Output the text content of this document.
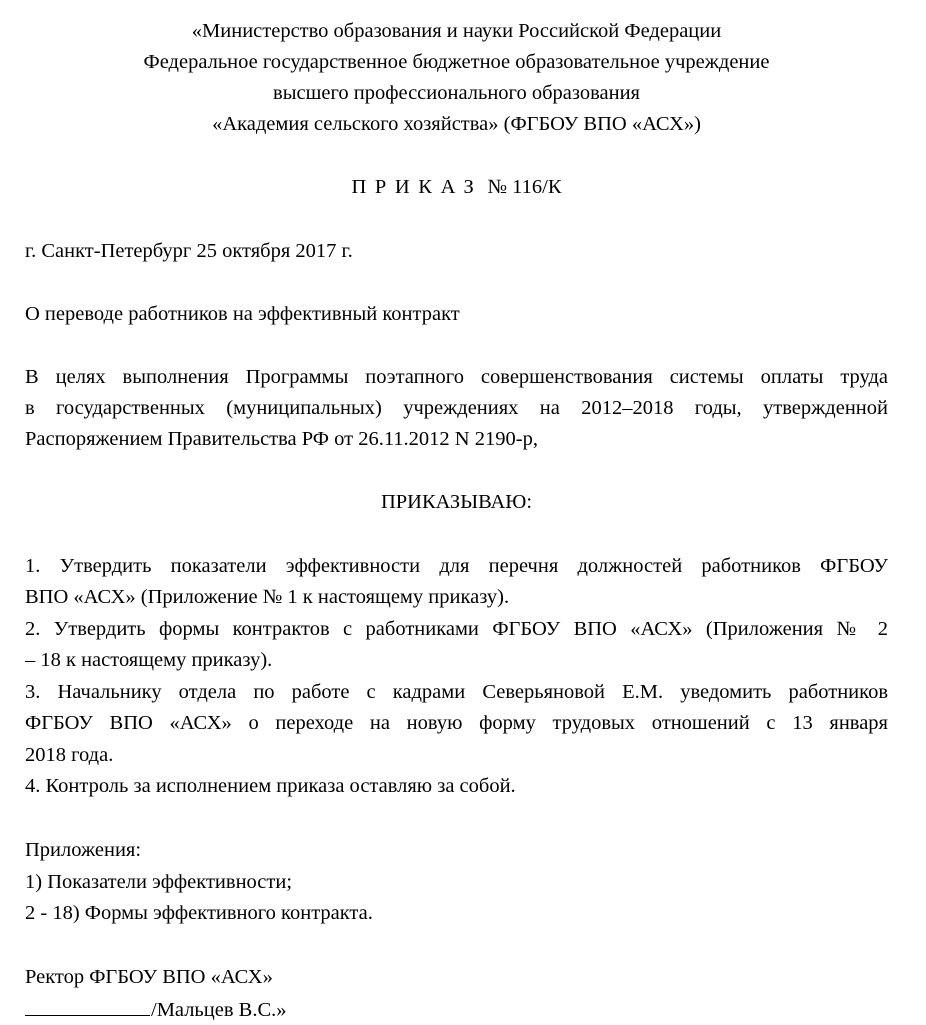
«Министерство образования и науки Российской Федерации
Федеральное государственное бюджетное образовательное учреждение
высшего профессионального образования
«Академия сельского хозяйства» (ФГБОУ ВПО «АСХ»)
ПРИКАЗ № 116/К
г. Санкт-Петербург 25 октября 2017 г.
О переводе работников на эффективный контракт
В целях выполнения Программы поэтапного совершенствования системы оплаты труда
в государственных (муниципальных) учреждениях на 2012–2018 годы, утвержденной
Распоряжением Правительства РФ от 26.11.2012 N 2190-р,
ПРИКАЗЫВАЮ:
1. Утвердить показатели эффективности для перечня должностей работников ФГБОУ
ВПО «АСХ» (Приложение № 1 к настоящему приказу).
2. Утвердить формы контрактов с работниками ФГБОУ ВПО «АСХ» (Приложения № 2
– 18 к настоящему приказу).
3. Начальнику отдела по работе с кадрами Северьяновой Е.М. уведомить работников
ФГБОУ ВПО «АСХ» о переходе на новую форму трудовых отношений с 13 января
2018 года.
4. Контроль за исполнением приказа оставляю за собой.
Приложения:
1) Показатели эффективности;
2 - 18) Формы эффективного контракта.
Ректор ФГБОУ ВПО «АСХ»
/Мальцев В.С.»
